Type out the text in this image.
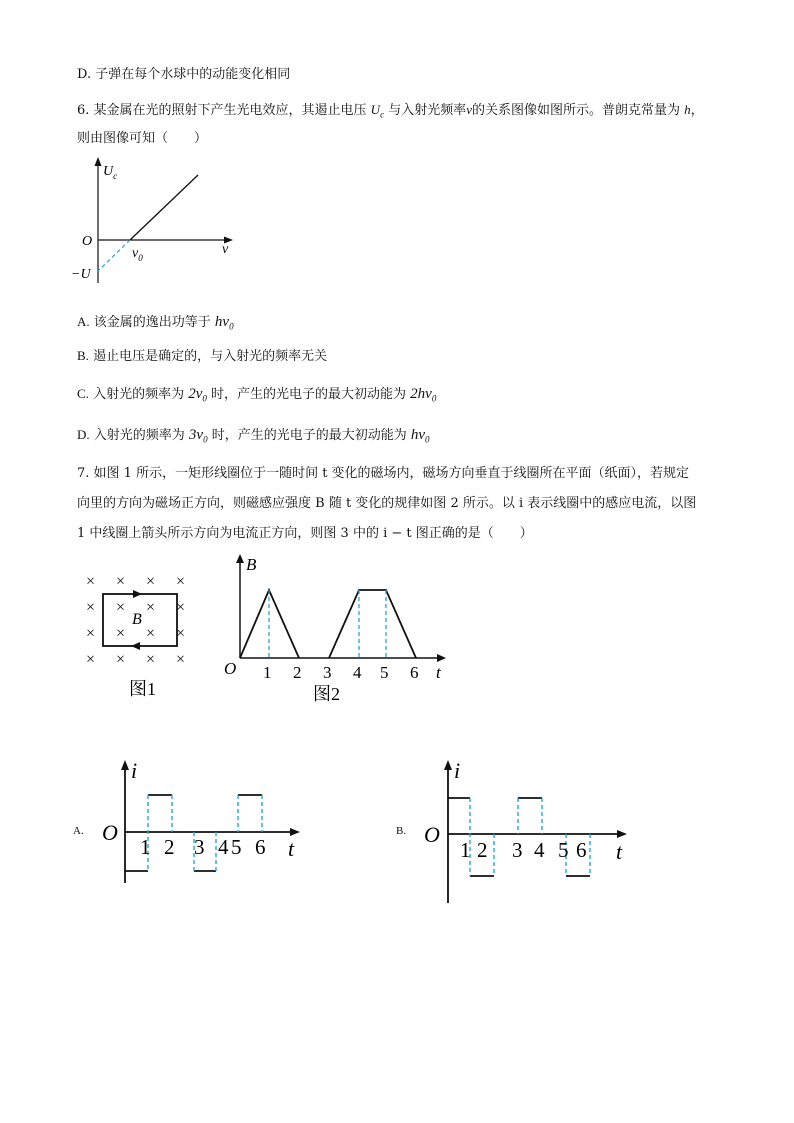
D. 子弹在每个水球中的动能变化相同
6. 某金属在光的照射下产生光电效应，其遏止电压 $U_c$ 与入射光频率ν的关系图像如图所示。普朗克常量为 h，
则由图像可知（　　）
$U_c$
O
$v_0$
v
−U
A. 该金属的逸出功等于 $h\nu_0$
B. 遏止电压是确定的，与入射光的频率无关
C. 入射光的频率为 $2\nu_0$ 时，产生的光电子的最大初动能为 $2h\nu_0$
D. 入射光的频率为 $3\nu_0$ 时，产生的光电子的最大初动能为 $h\nu_0$
7. 如图 1 所示，一矩形线圈位于一随时间 t 变化的磁场内，磁场方向垂直于线圈所在平面（纸面），若规定
向里的方向为磁场正方向，则磁感应强度 B 随 t 变化的规律如图 2 所示。以 i 表示线圈中的感应电流，以图
1 中线圈上箭头所示方向为电流正方向，则图 3 中的 i − t 图正确的是（　　）
× × × ×
× × × ×
× × × ×
× × × ×
B
图1
B
O 1 2 3 4 5 6 t
图2
A.
i
O
1 2 3 4 5 6 t
B.
i
O
1 2 3 4 5 6 t
